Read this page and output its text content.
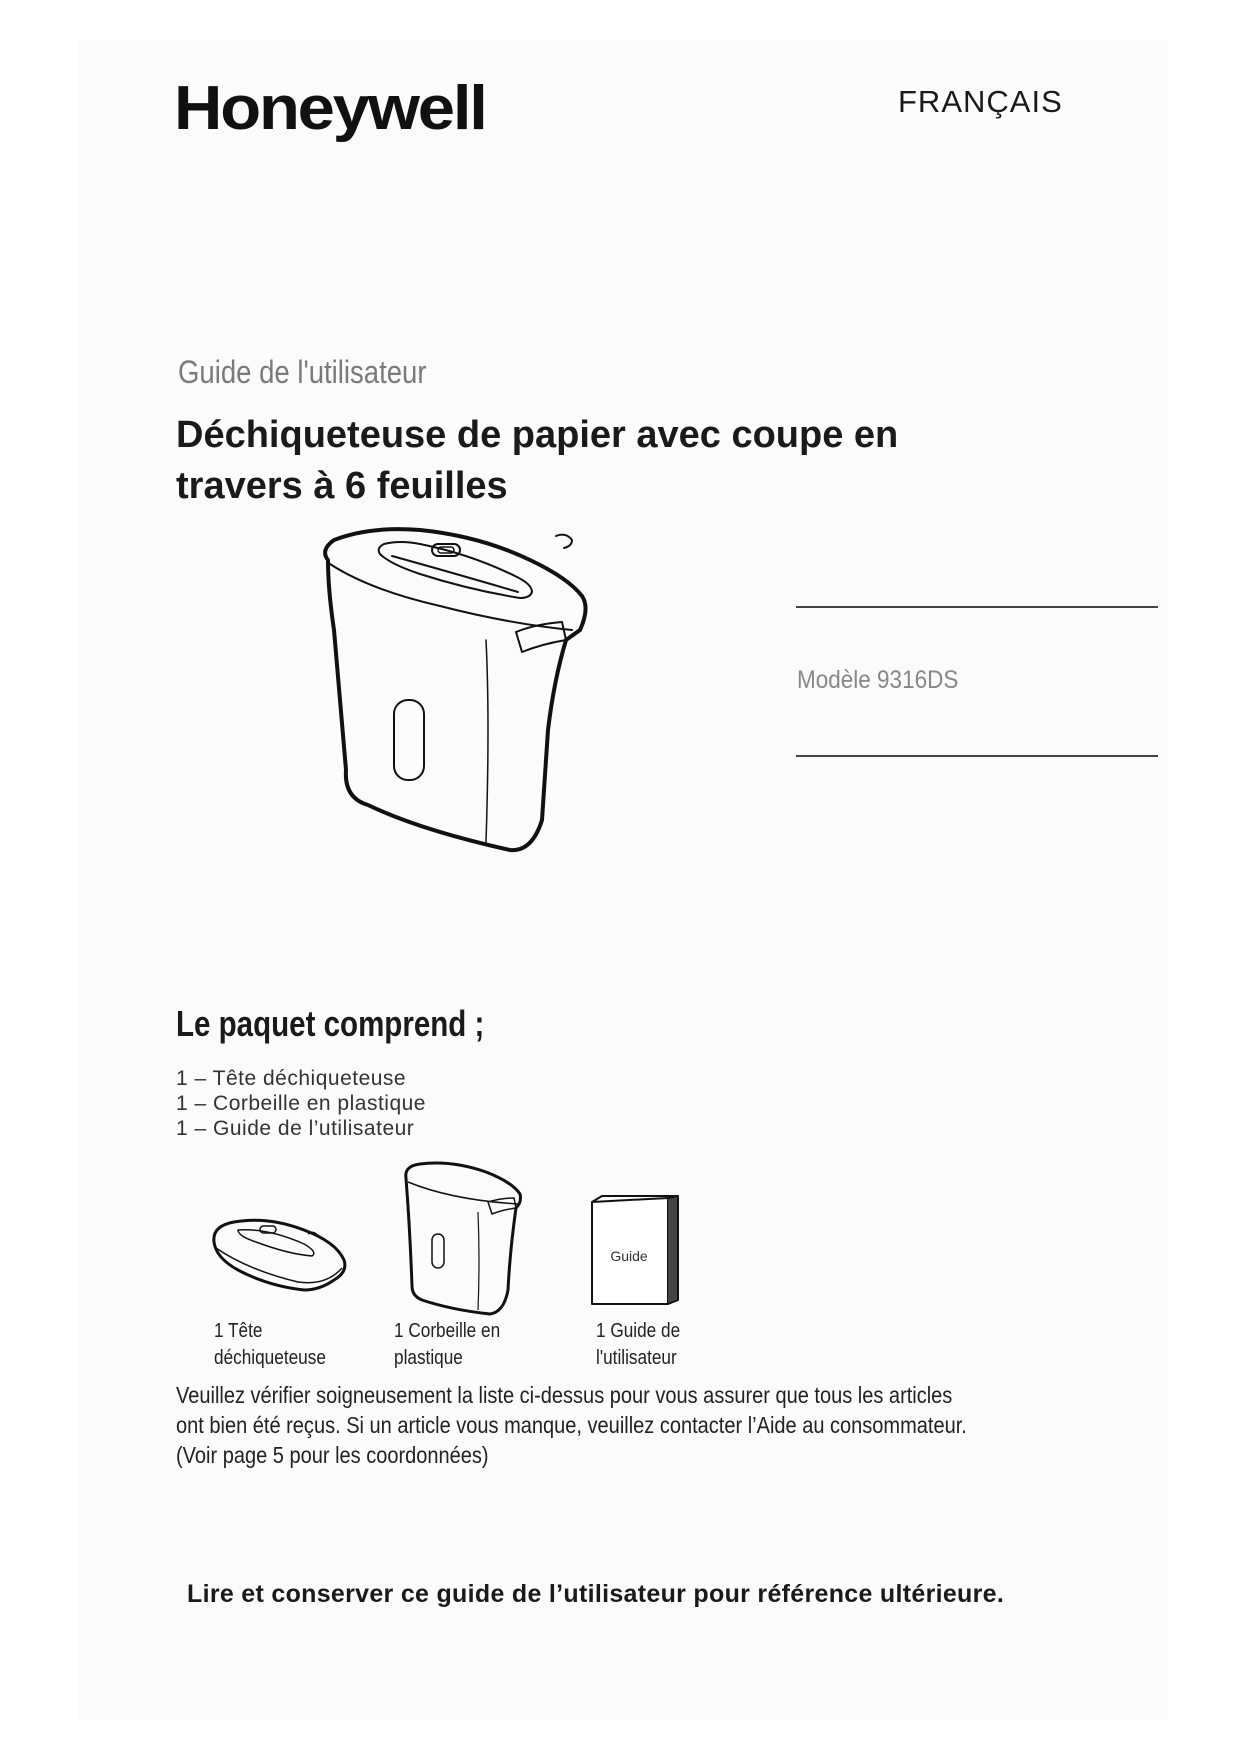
Honeywell	FRANÇAIS
Guide de l'utilisateur
Déchiqueteuse de papier avec coupe en travers à 6 feuilles
Modèle 9316DS
Le paquet comprend ;
1 – Tête déchiqueteuse
1 – Corbeille en plastique
1 – Guide de l’utilisateur
1 Tête
déchiqueteuse
1 Corbeille en
plastique
Guide
1 Guide de
l'utilisateur
Veuillez vérifier soigneusement la liste ci-dessus pour vous assurer que tous les articles ont bien été reçus. Si un article vous manque, veuillez contacter l’Aide au consommateur. (Voir page 5 pour les coordonnées)
Lire et conserver ce guide de l’utilisateur pour référence ultérieure.
